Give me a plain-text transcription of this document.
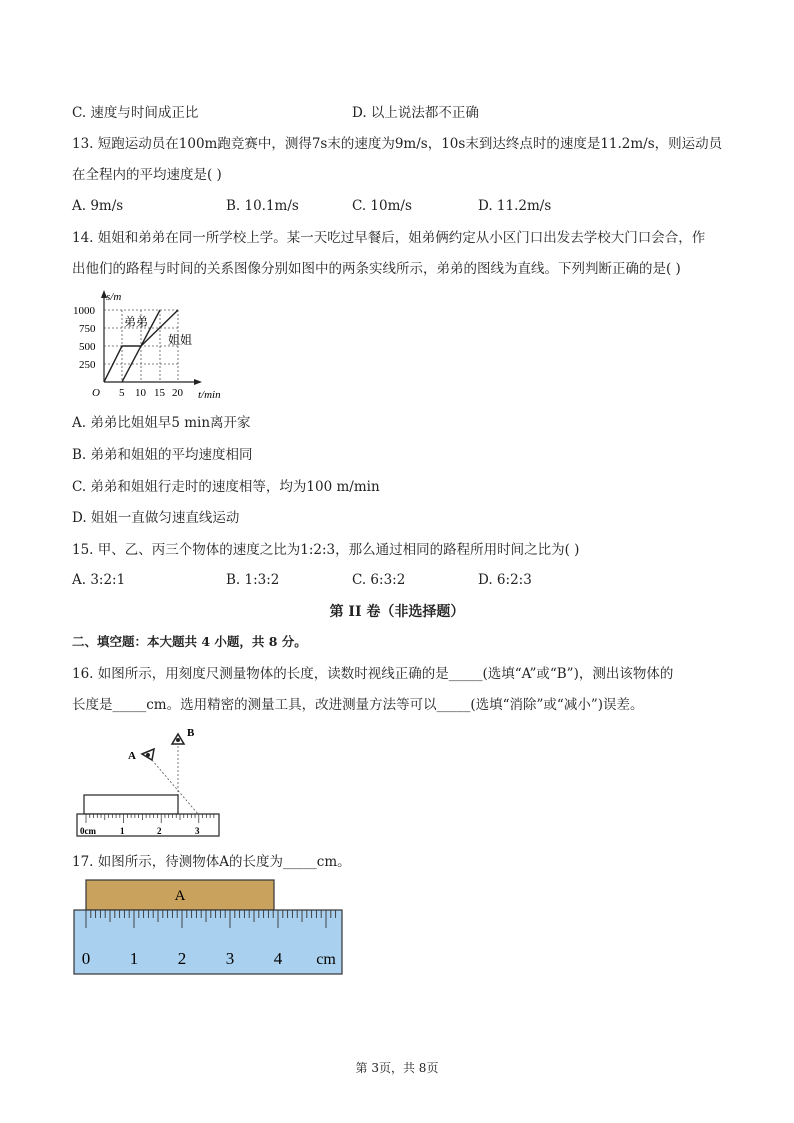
C. 速度与时间成正比	D. 以上说法都不正确
13. 短跑运动员在100m跑竞赛中，测得7s末的速度为9m/s，10s末到达终点时的速度是11.2m/s，则运动员
在全程内的平均速度是( )
A. 9m/s	B. 10.1m/s	C. 10m/s	D. 11.2m/s
14. 姐姐和弟弟在同一所学校上学。某一天吃过早餐后，姐弟俩约定从小区门口出发去学校大门口会合，作
出他们的路程与时间的关系图像分别如图中的两条实线所示，弟弟的图线为直线。下列判断正确的是( )
s/m
t/min
O
1000
750
500
250
5 10 15 20
弟弟
姐姐
A. 弟弟比姐姐早5 min离开家
B. 弟弟和姐姐的平均速度相同
C. 弟弟和姐姐行走时的速度相等，均为100 m/min
D. 姐姐一直做匀速直线运动
15. 甲、乙、丙三个物体的速度之比为1:2:3，那么通过相同的路程所用时间之比为( )
A. 3:2:1	B. 1:3:2	C. 6:3:2	D. 6:2:3
第 II 卷（非选择题）
二、填空题：本大题共 4 小题，共 8 分。
16. 如图所示，用刻度尺测量物体的长度，读数时视线正确的是_____(选填“A”或“B”)，测出该物体的
长度是_____cm。选用精密的测量工具，改进测量方法等可以_____(选填“消除”或“减小”)误差。
B
A
0cm	1	2	3
17. 如图所示，待测物体A的长度为_____cm。
A
0 1 2 3 4 cm
第 3页，共 8页
